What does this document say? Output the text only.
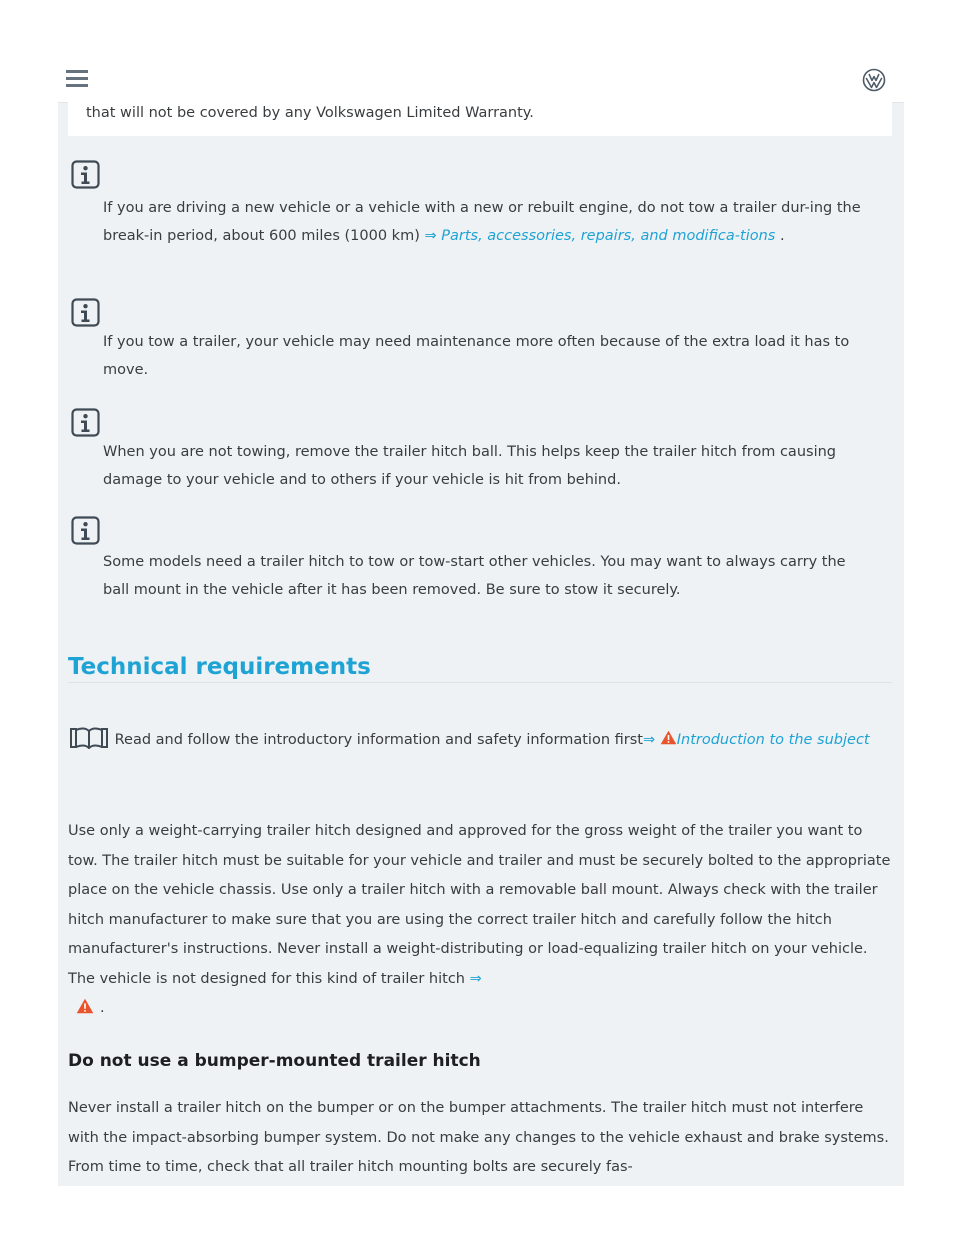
that will not be covered by any Volkswagen Limited Warranty.

If you are driving a new vehicle or a vehicle with a new or rebuilt engine, do not tow a trailer dur-ing the break-in period, about 600 miles (1000 km) ⇒ Parts, accessories, repairs, and modifica-tions .

If you tow a trailer, your vehicle may need maintenance more often because of the extra load it has to move.

When you are not towing, remove the trailer hitch ball. This helps keep the trailer hitch from causing damage to your vehicle and to others if your vehicle is hit from behind.

Some models need a trailer hitch to tow or tow-start other vehicles. You may want to always carry the ball mount in the vehicle after it has been removed. Be sure to stow it securely.

Technical requirements
Read and follow the introductory information and safety information first⇒ Introduction to the subject

Use only a weight-carrying trailer hitch designed and approved for the gross weight of the trailer you want to tow. The trailer hitch must be suitable for your vehicle and trailer and must be securely bolted to the appropriate place on the vehicle chassis. Use only a trailer hitch with a removable ball mount. Always check with the trailer hitch manufacturer to make sure that you are using the correct trailer hitch and carefully follow the hitch manufacturer's instructions. Never install a weight-distributing or load-equalizing trailer hitch on your vehicle. The vehicle is not designed for this kind of trailer hitch ⇒

.
Do not use a bumper-mounted trailer hitch

Never install a trailer hitch on the bumper or on the bumper attachments. The trailer hitch must not interfere with the impact-absorbing bumper system. Do not make any changes to the vehicle exhaust and brake systems. From time to time, check that all trailer hitch mounting bolts are securely fas-
